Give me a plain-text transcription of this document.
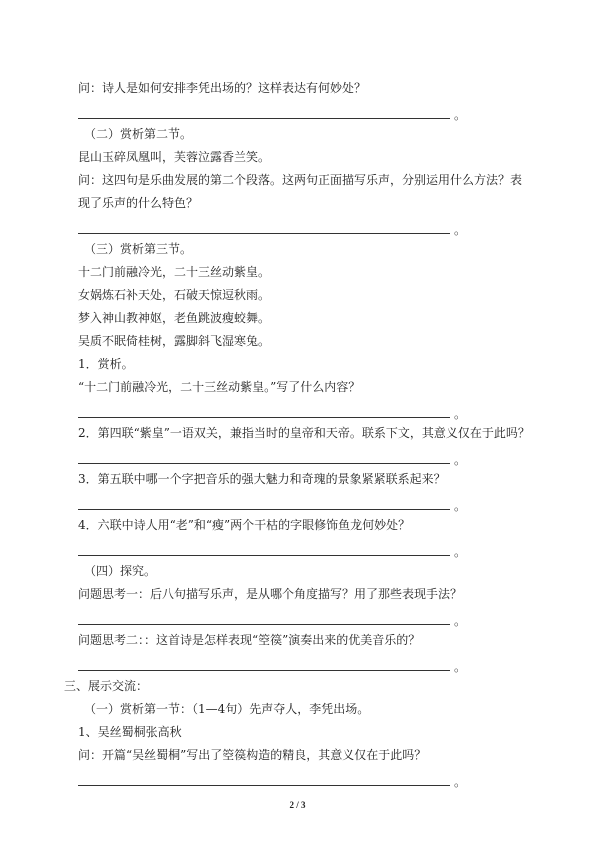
问：诗人是如何安排李凭出场的？这样表达有何妙处？
。
（二）赏析第二节。
昆山玉碎凤凰叫，芙蓉泣露香兰笑。
问：这四句是乐曲发展的第二个段落。这两句正面描写乐声，分别运用什么方法？表现了乐声的什么特色？
。
（三）赏析第三节。
十二门前融冷光，二十三丝动紫皇。
女娲炼石补天处，石破天惊逗秋雨。
梦入神山教神妪，老鱼跳波瘦蛟舞。
吴质不眠倚桂树，露脚斜飞湿寒兔。
1．赏析。
“十二门前融冷光，二十三丝动紫皇。”写了什么内容？
。
2．第四联“紫皇”一语双关，兼指当时的皇帝和天帝。联系下文，其意义仅在于此吗？
。
3．第五联中哪一个字把音乐的强大魅力和奇瑰的景象紧紧联系起来？
。
4．六联中诗人用“老”和“瘦”两个干枯的字眼修饰鱼龙何妙处？
。
（四）探究。
问题思考一：后八句描写乐声，是从哪个角度描写？用了那些表现手法？
。
问题思考二：：这首诗是怎样表现“箜篌”演奏出来的优美音乐的？
。
三、展示交流：
（一）赏析第一节：（1—4句）先声夺人，李凭出场。
1、吴丝蜀桐张高秋
问：开篇“吴丝蜀桐”写出了箜篌构造的精良，其意义仅在于此吗？
。
2 / 3
